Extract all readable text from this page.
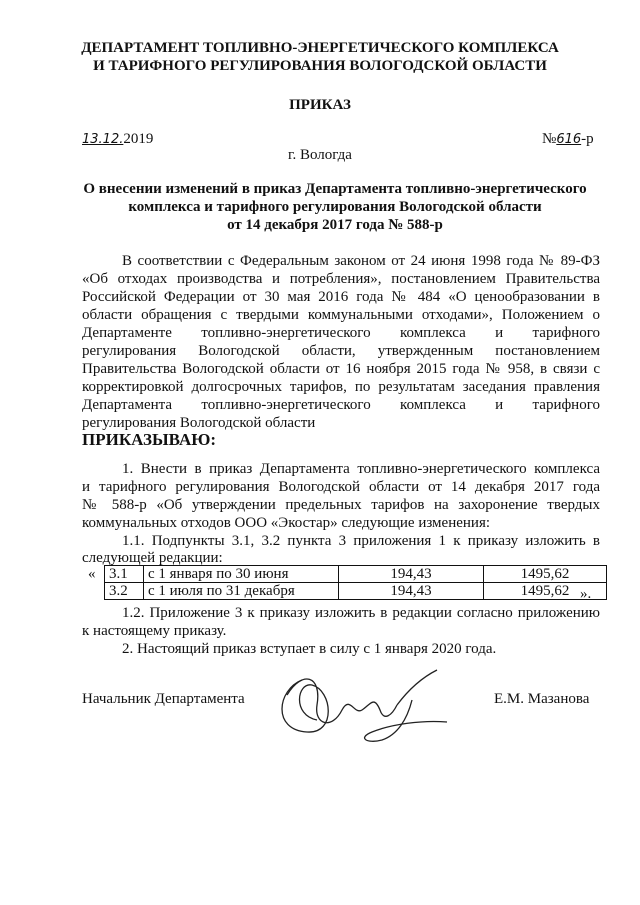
ДЕПАРТАМЕНТ ТОПЛИВНО-ЭНЕРГЕТИЧЕСКОГО КОМПЛЕКСА
И ТАРИФНОГО РЕГУЛИРОВАНИЯ ВОЛОГОДСКОЙ ОБЛАСТИ
ПРИКАЗ
13.12.2019	№616-р
г. Вологда
О внесении изменений в приказ Департамента топливно-энергетического
комплекса и тарифного регулирования Вологодской области
от 14 декабря 2017 года № 588-р
В соответствии с Федеральным законом от 24 июня 1998 года № 89-ФЗ
«Об отходах производства и потребления», постановлением Правительства
Российской Федерации от 30 мая 2016 года № 484 «О ценообразовании в
области обращения с твердыми коммунальными отходами», Положением о
Департаменте топливно-энергетического комплекса и тарифного
регулирования Вологодской области, утвержденным постановлением
Правительства Вологодской области от 16 ноября 2015 года № 958, в связи с
корректировкой долгосрочных тарифов, по результатам заседания правления
Департамента топливно-энергетического комплекса и тарифного
регулирования Вологодской области
ПРИКАЗЫВАЮ:
1. Внести в приказ Департамента топливно-энергетического комплекса
и тарифного регулирования Вологодской области от 14 декабря 2017 года
№ 588-р «Об утверждении предельных тарифов на захоронение твердых
коммунальных отходов ООО «Экостар» следующие изменения:
1.1. Подпункты 3.1, 3.2 пункта 3 приложения 1 к приказу изложить в
следующей редакции:
« 3.1	с 1 января по 30 июня	194,43	1495,62
3.2	с 1 июля по 31 декабря	194,43	1495,62 ».
1.2. Приложение 3 к приказу изложить в редакции согласно приложению
к настоящему приказу.
2. Настоящий приказ вступает в силу с 1 января 2020 года.
Начальник Департамента	Е.М. Мазанова
